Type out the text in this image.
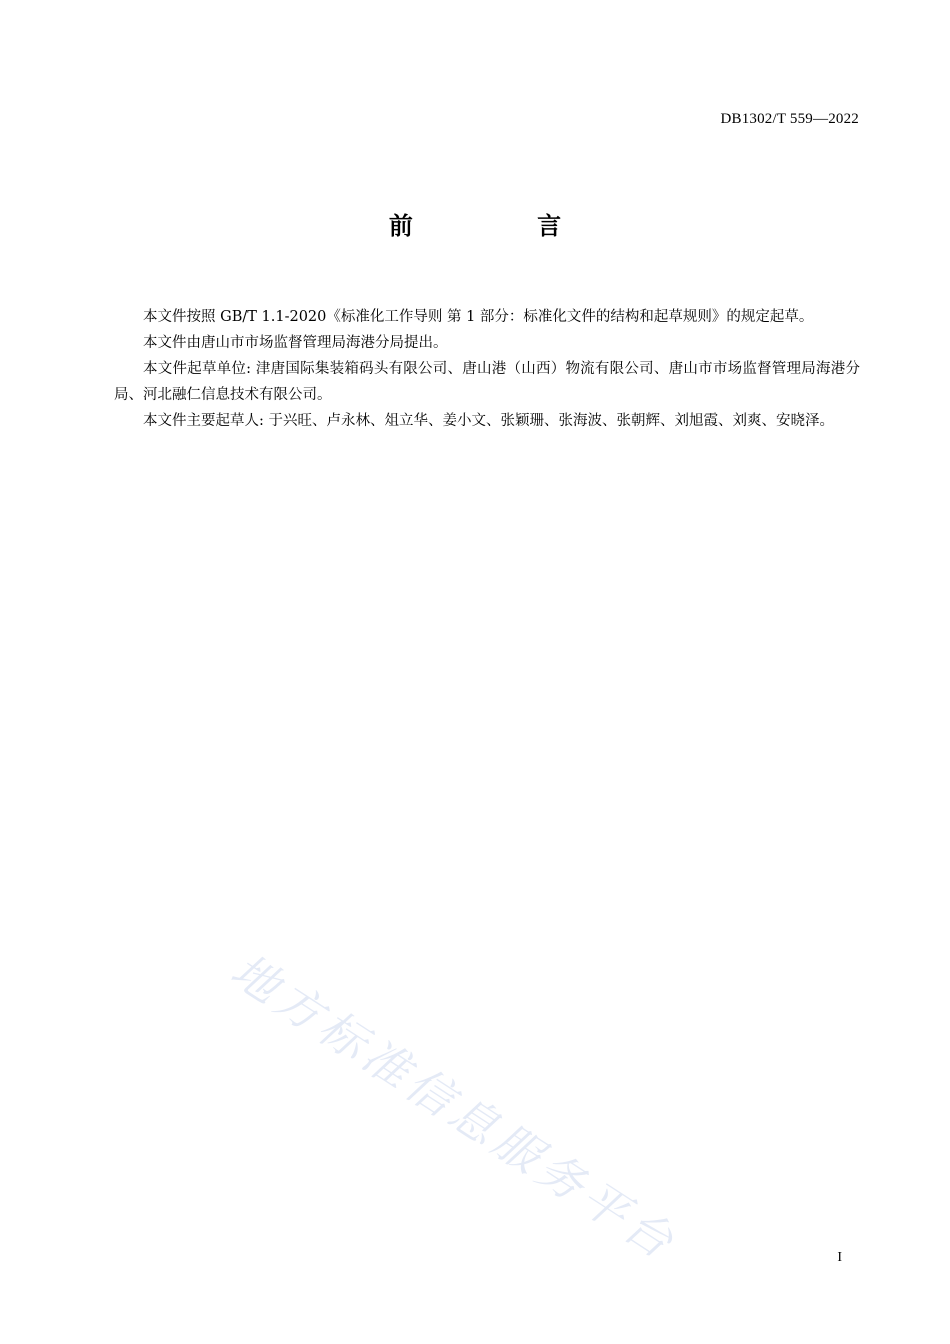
DB1302/T 559—2022
前 言

本文件按照 GB/T 1.1-2020《标准化工作导则 第 1 部分：标准化文件的结构和起草规则》的规定起草。

本文件由唐山市市场监督管理局海港分局提出。

本文件起草单位: 津唐国际集装箱码头有限公司、唐山港（山西）物流有限公司、唐山市市场监督管理局海港分局、河北融仁信息技术有限公司。

本文件主要起草人: 于兴旺、卢永林、俎立华、姜小文、张颖珊、张海波、张朝辉、刘旭霞、刘爽、安晓泽。

地方标准信息服务平台	I
